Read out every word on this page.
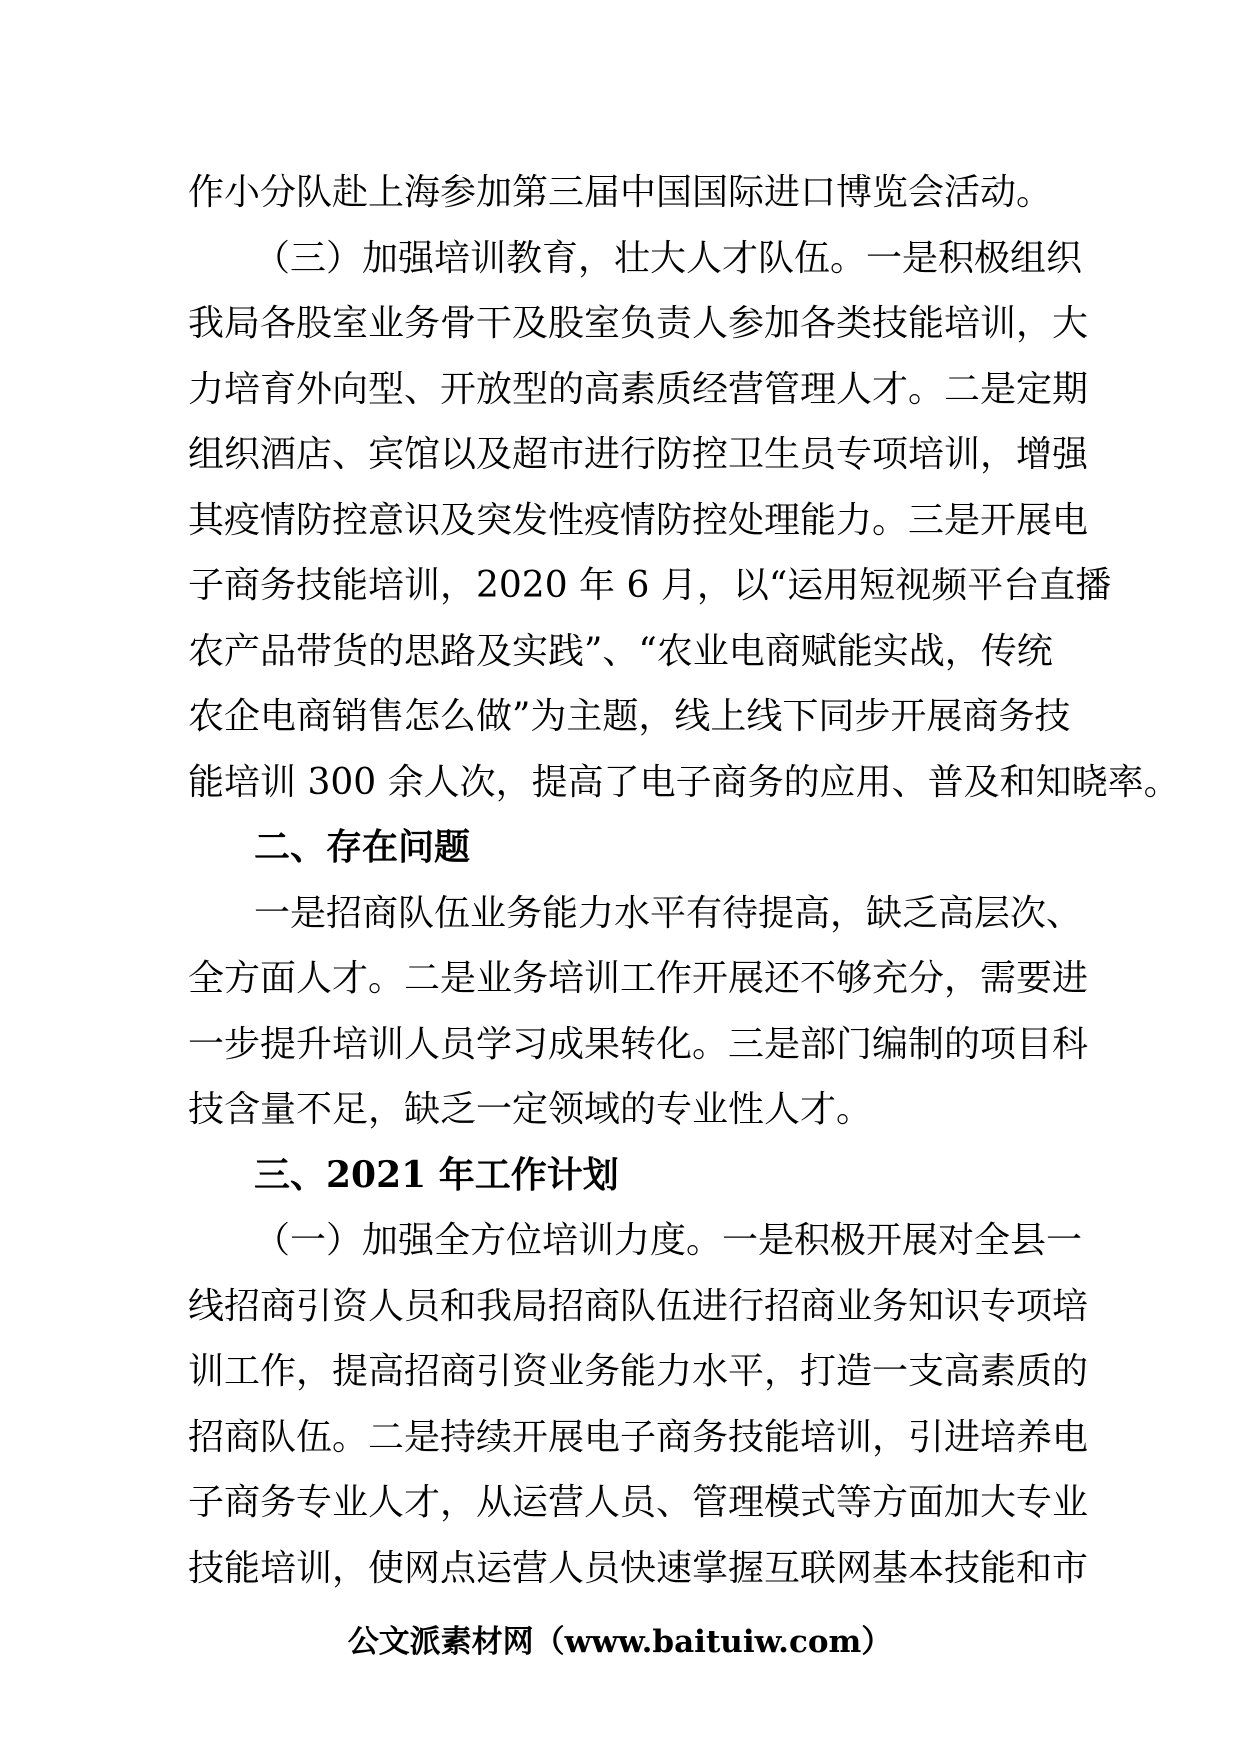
作小分队赴上海参加第三届中国国际进口博览会活动。
（三）加强培训教育，壮大人才队伍。一是积极组织
我局各股室业务骨干及股室负责人参加各类技能培训，大
力培育外向型、开放型的高素质经营管理人才。二是定期
组织酒店、宾馆以及超市进行防控卫生员专项培训，增强
其疫情防控意识及突发性疫情防控处理能力。三是开展电
子商务技能培训，2020 年 6 月，以“运用短视频平台直播
农产品带货的思路及实践”、“农业电商赋能实战，传统
农企电商销售怎么做”为主题，线上线下同步开展商务技
能培训 300 余人次，提高了电子商务的应用、普及和知晓率。
二、存在问题
一是招商队伍业务能力水平有待提高，缺乏高层次、
全方面人才。二是业务培训工作开展还不够充分，需要进
一步提升培训人员学习成果转化。三是部门编制的项目科
技含量不足，缺乏一定领域的专业性人才。
三、2021 年工作计划
（一）加强全方位培训力度。一是积极开展对全县一
线招商引资人员和我局招商队伍进行招商业务知识专项培
训工作，提高招商引资业务能力水平，打造一支高素质的
招商队伍。二是持续开展电子商务技能培训，引进培养电
子商务专业人才，从运营人员、管理模式等方面加大专业
技能培训，使网点运营人员快速掌握互联网基本技能和市
公文派素材网（www.baituiw.com）
